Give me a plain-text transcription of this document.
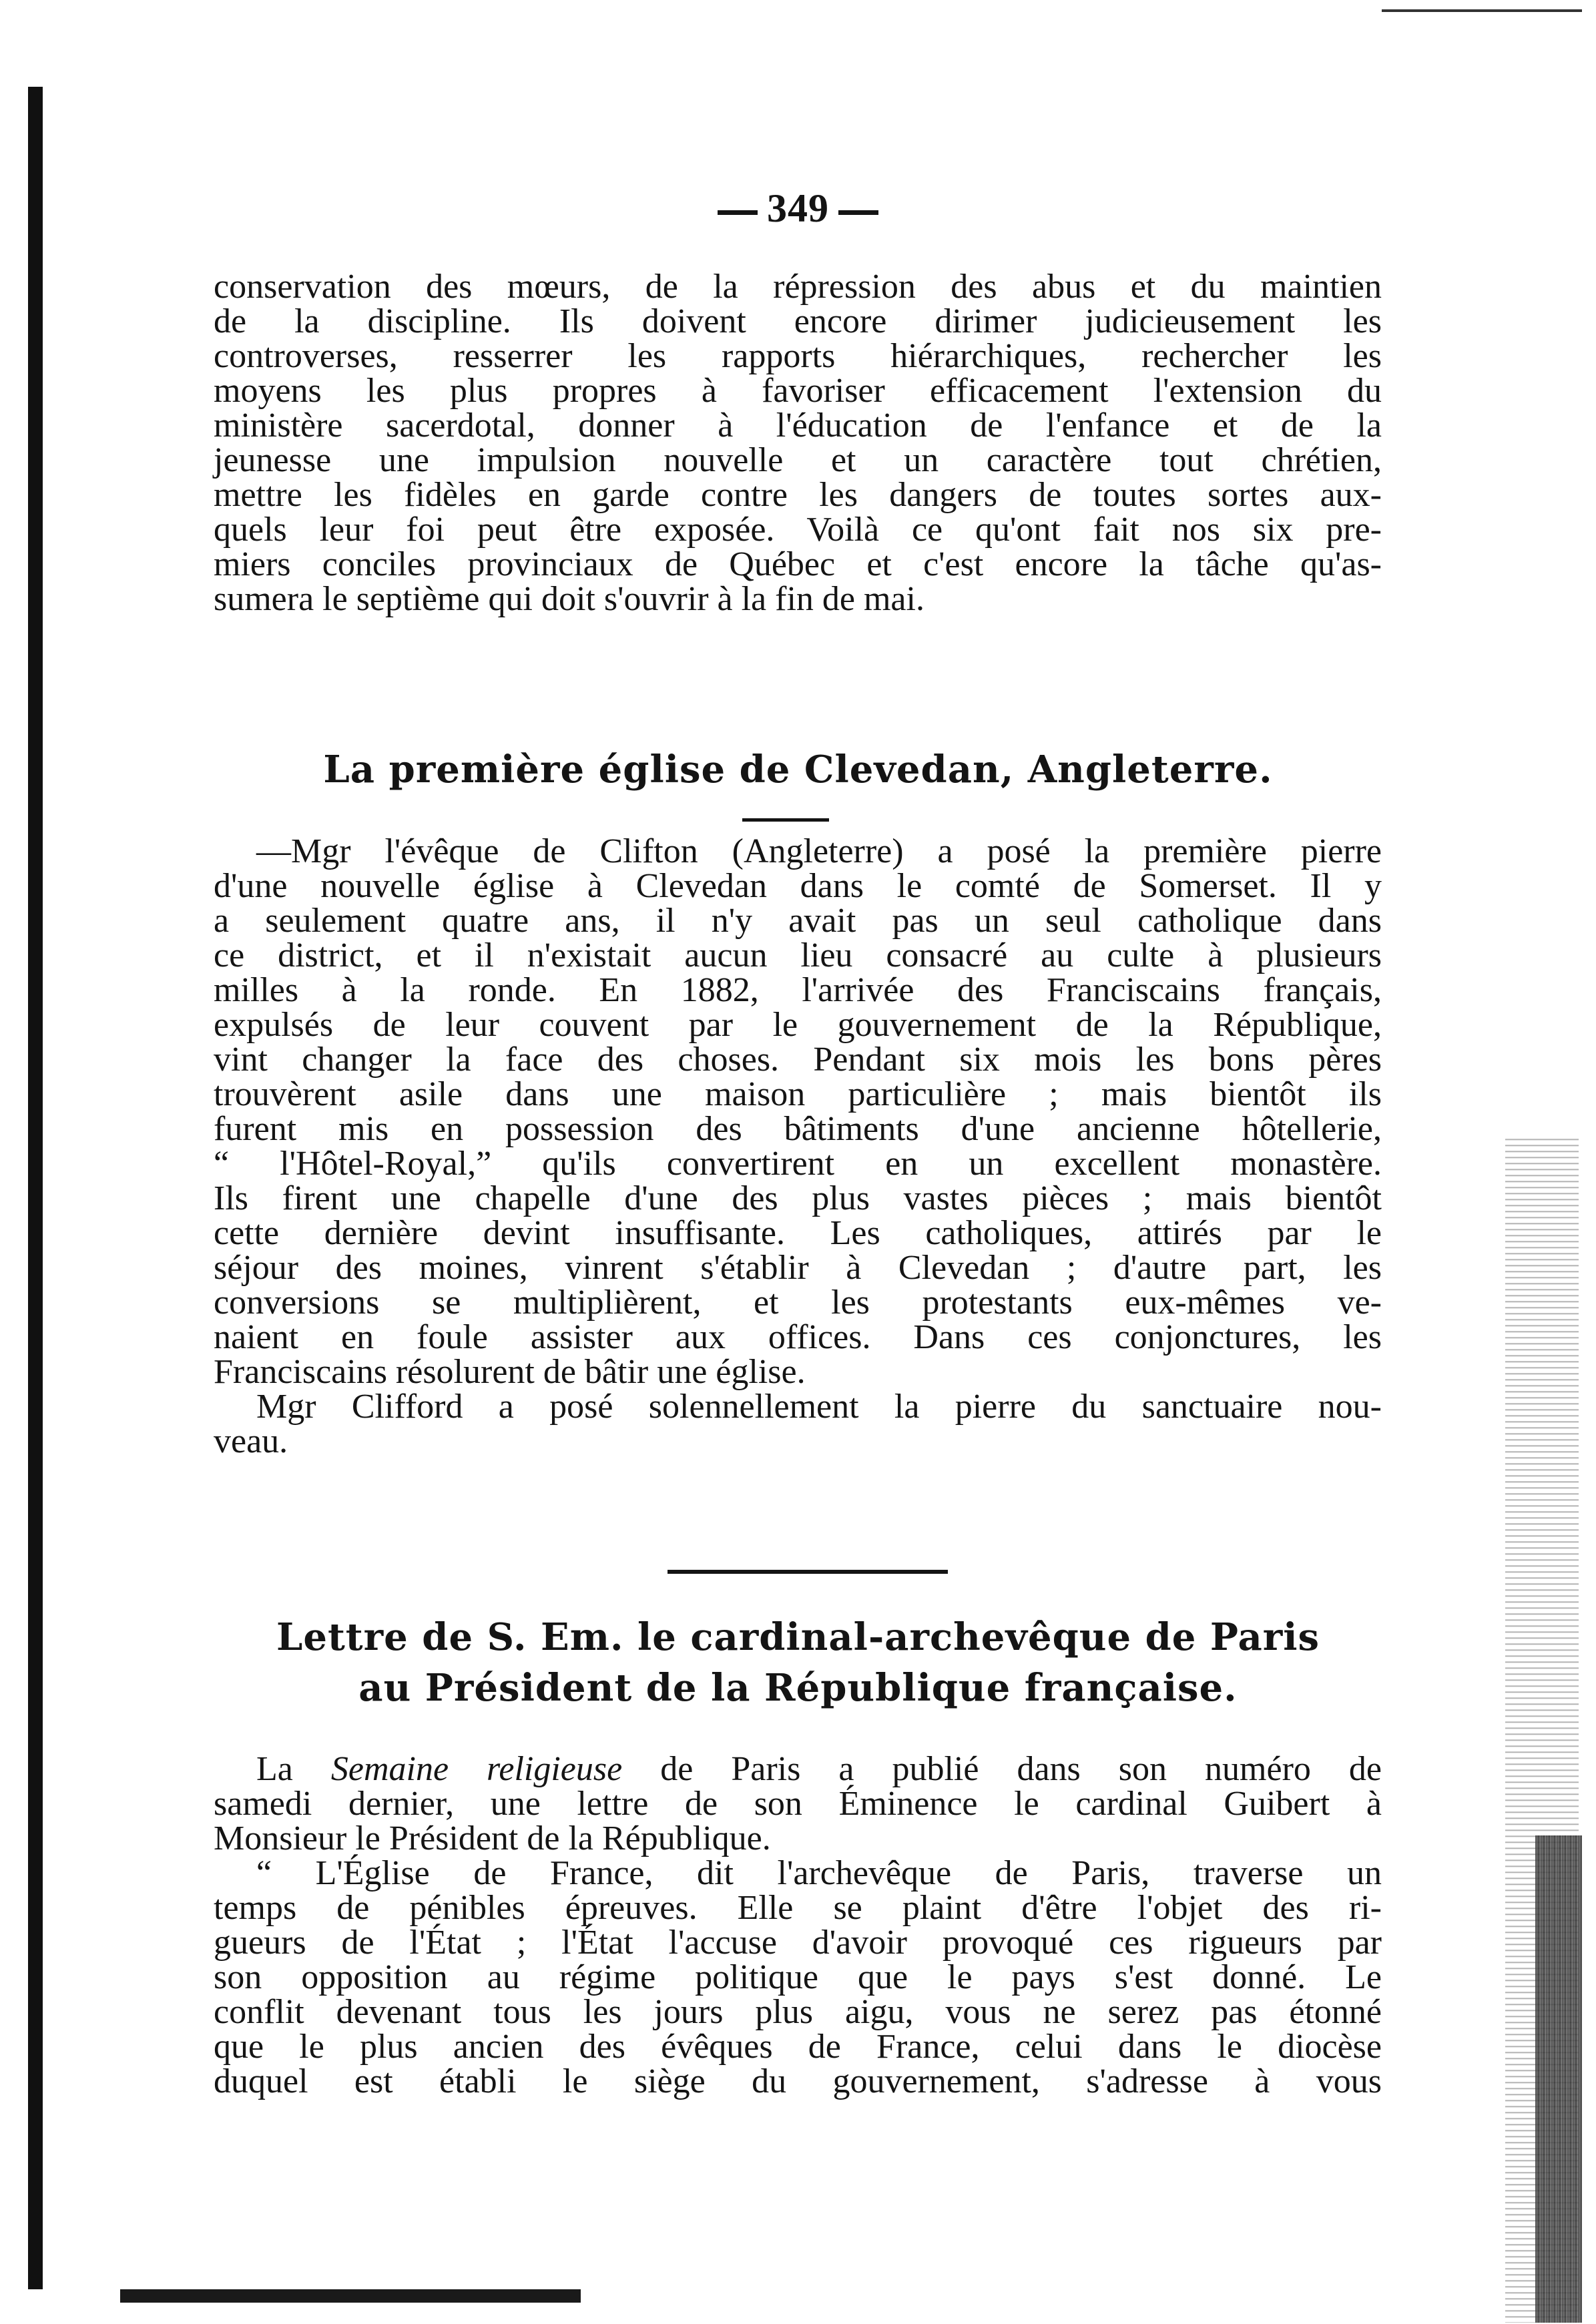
349
conservation des mœurs, de la répression des abus et du maintien
de la discipline. Ils doivent encore dirimer judicieusement les
controverses, resserrer les rapports hiérarchiques, rechercher les
moyens les plus propres à favoriser efficacement l'extension du
ministère sacerdotal, donner à l'éducation de l'enfance et de la
jeunesse une impulsion nouvelle et un caractère tout chrétien,
mettre les fidèles en garde contre les dangers de toutes sortes aux-
quels leur foi peut être exposée. Voilà ce qu'ont fait nos six pre-
miers conciles provinciaux de Québec et c'est encore la tâche qu'as-
sumera le septième qui doit s'ouvrir à la fin de mai.
La première église de Clevedan, Angleterre.
—Mgr l'évêque de Clifton (Angleterre) a posé la première pierre
d'une nouvelle église à Clevedan dans le comté de Somerset. Il y
a seulement quatre ans, il n'y avait pas un seul catholique dans
ce district, et il n'existait aucun lieu consacré au culte à plusieurs
milles à la ronde. En 1882, l'arrivée des Franciscains français,
expulsés de leur couvent par le gouvernement de la République,
vint changer la face des choses. Pendant six mois les bons pères
trouvèrent asile dans une maison particulière ; mais bientôt ils
furent mis en possession des bâtiments d'une ancienne hôtellerie,
“ l'Hôtel-Royal,” qu'ils convertirent en un excellent monastère.
Ils firent une chapelle d'une des plus vastes pièces ; mais bientôt
cette dernière devint insuffisante. Les catholiques, attirés par le
séjour des moines, vinrent s'établir à Clevedan ; d'autre part, les
conversions se multiplièrent, et les protestants eux-mêmes ve-
naient en foule assister aux offices. Dans ces conjonctures, les
Franciscains résolurent de bâtir une église.
Mgr Clifford a posé solennellement la pierre du sanctuaire nou-
veau.
Lettre de S. Em. le cardinal-archevêque de Paris
au Président de la République française.
La Semaine religieuse de Paris a publié dans son numéro de
samedi dernier, une lettre de son Éminence le cardinal Guibert à
Monsieur le Président de la République.
“ L'Église de France, dit l'archevêque de Paris, traverse un
temps de pénibles épreuves. Elle se plaint d'être l'objet des ri-
gueurs de l'État ; l'État l'accuse d'avoir provoqué ces rigueurs par
son opposition au régime politique que le pays s'est donné. Le
conflit devenant tous les jours plus aigu, vous ne serez pas étonné
que le plus ancien des évêques de France, celui dans le diocèse
duquel est établi le siège du gouvernement, s'adresse à vous
